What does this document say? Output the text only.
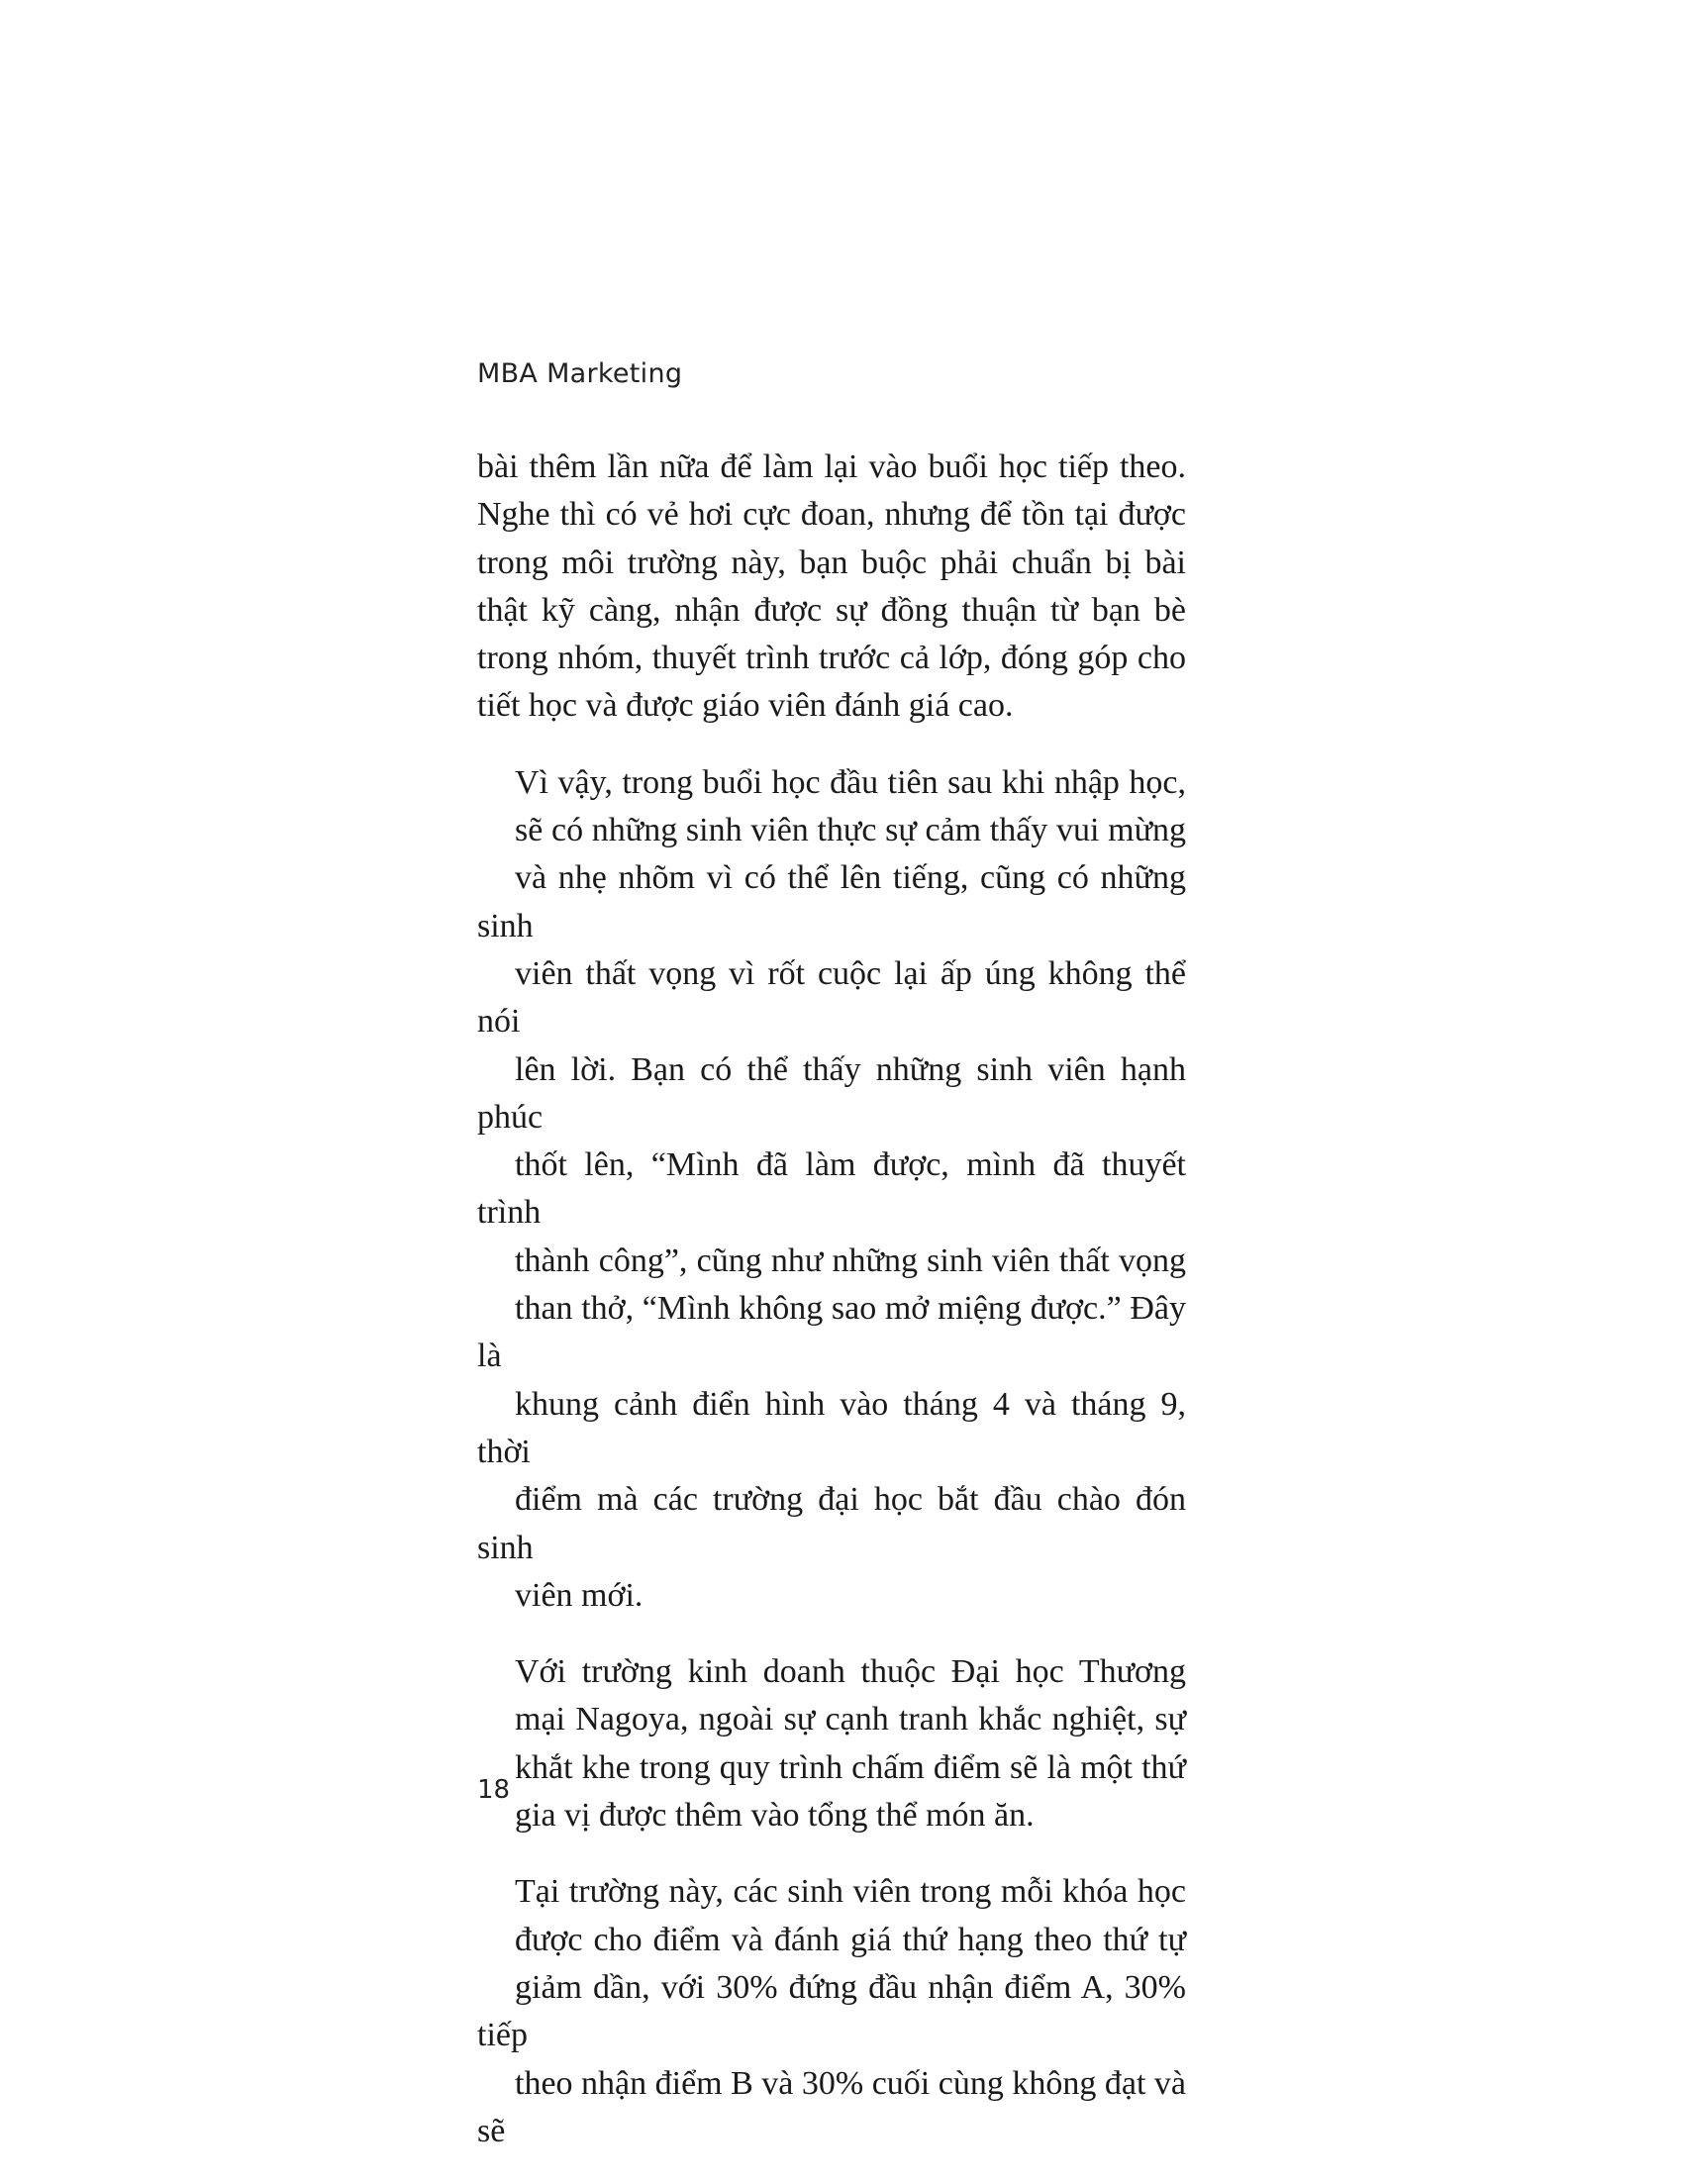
MBA Marketing

bài thêm lần nữa để làm lại vào buổi học tiếp theo.
Nghe thì có vẻ hơi cực đoan, nhưng để tồn tại được
trong môi trường này, bạn buộc phải chuẩn bị bài
thật kỹ càng, nhận được sự đồng thuận từ bạn bè
trong nhóm, thuyết trình trước cả lớp, đóng góp cho
tiết học và được giáo viên đánh giá cao.

Vì vậy, trong buổi học đầu tiên sau khi nhập học,
sẽ có những sinh viên thực sự cảm thấy vui mừng
và nhẹ nhõm vì có thể lên tiếng, cũng có những sinh
viên thất vọng vì rốt cuộc lại ấp úng không thể nói
lên lời. Bạn có thể thấy những sinh viên hạnh phúc
thốt lên, “Mình đã làm được, mình đã thuyết trình
thành công”, cũng như những sinh viên thất vọng
than thở, “Mình không sao mở miệng được.” Đây là
khung cảnh điển hình vào tháng 4 và tháng 9, thời
điểm mà các trường đại học bắt đầu chào đón sinh
viên mới.

Với trường kinh doanh thuộc Đại học Thương
mại Nagoya, ngoài sự cạnh tranh khắc nghiệt, sự
khắt khe trong quy trình chấm điểm sẽ là một thứ
gia vị được thêm vào tổng thể món ăn.

Tại trường này, các sinh viên trong mỗi khóa học
được cho điểm và đánh giá thứ hạng theo thứ tự
giảm dần, với 30% đứng đầu nhận điểm A, 30% tiếp
theo nhận điểm B và 30% cuối cùng không đạt và sẽ

18
